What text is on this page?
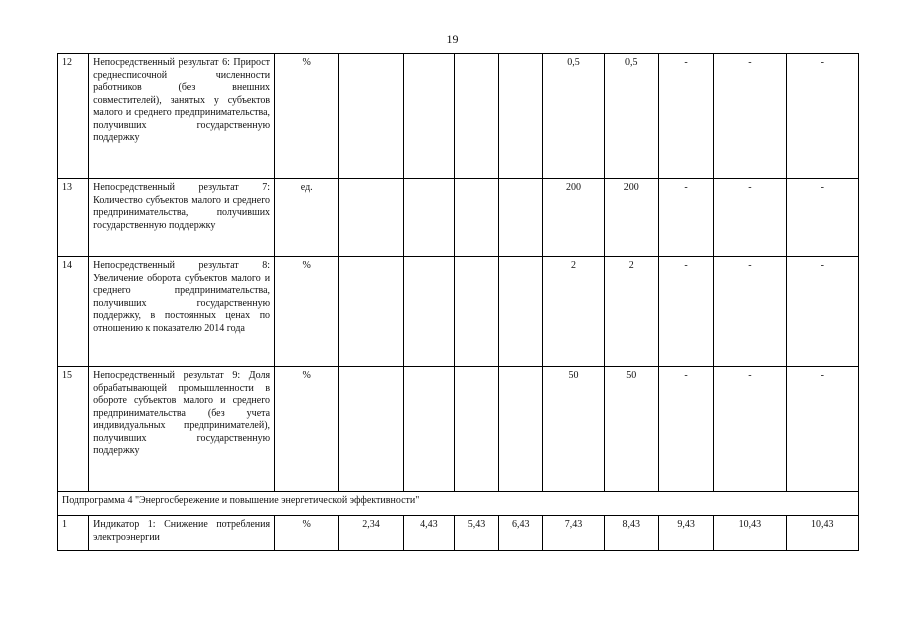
19
12	Непосредственный результат 6: Прирост среднесписочной численности работников (без внешних совместителей), занятых у субъектов малого и среднего предпринимательства, получивших государственную поддержку	%					0,5	0,5	-	-	-
13	Непосредственный результат 7: Количество субъектов малого и среднего предпринимательства, получивших государственную поддержку	ед.					200	200	-	-	-
14	Непосредственный результат 8: Увеличение оборота субъектов малого и среднего предпринимательства, получивших государственную поддержку, в постоянных ценах по отношению к показателю 2014 года	%					2	2	-	-	-
15	Непосредственный результат 9: Доля обрабатывающей промышленности в обороте субъектов малого и среднего предпринимательства (без учета индивидуальных предпринимателей), получивших государственную поддержку	%					50	50	-	-	-
Подпрограмма 4 "Энергосбережение и повышение энергетической эффективности"											
1	Индикатор 1: Снижение потребления электроэнергии	%	2,34	4,43	5,43	6,43	7,43	8,43	9,43	10,43	10,43
